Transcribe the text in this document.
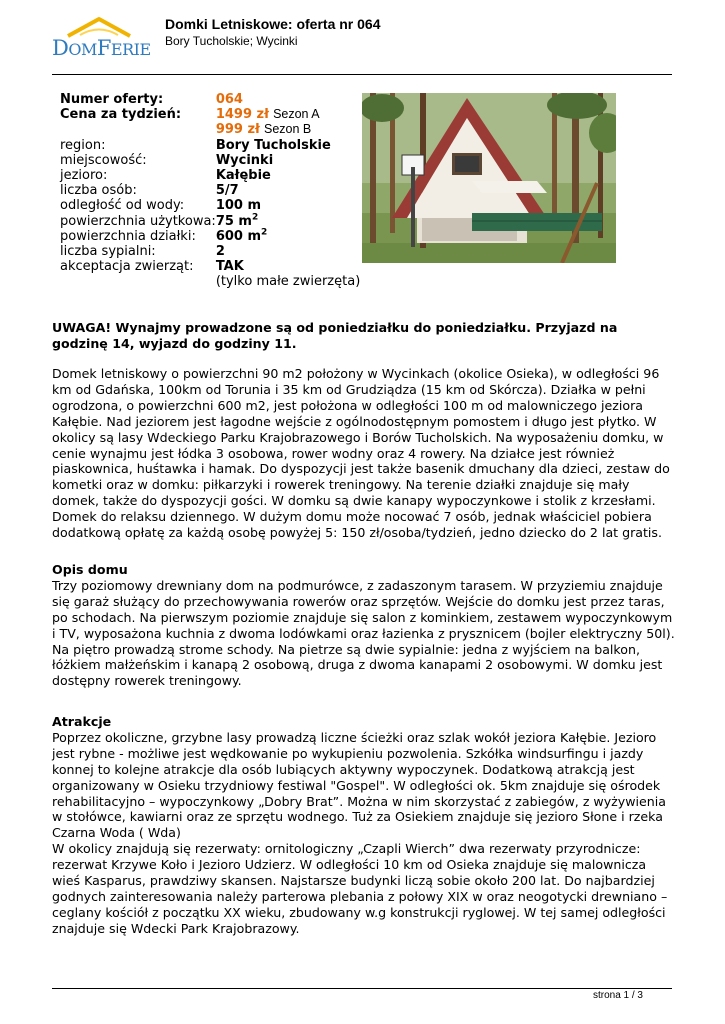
DOMFERIE
Domki Letniskowe: oferta nr 064
Bory Tucholskie; Wycinki
Numer oferty:	064
Cena za tydzień:	1499 zł Sezon A
	999 zł Sezon B
region:	Bory Tucholskie
miejscowość:	Wycinki
jezioro:	Kałębie
liczba osób:	5/7
odległość od wody:	100 m
powierzchnia użytkowa:	75 $m^2$
powierzchnia działki:	600 $m^2$
liczba sypialni:	2
akceptacja zwierząt:	TAK
	(tylko małe zwierzęta)
UWAGA! Wynajmy prowadzone są od poniedziałku do poniedziałku. Przyjazd na godzinę 14, wyjazd do godziny 11.
Domek letniskowy o powierzchni 90 m2 położony w Wycinkach (okolice Osieka), w odległości 96 km od Gdańska, 100km od Torunia i 35 km od Grudziądza (15 km od Skórcza). Działka w pełni ogrodzona, o powierzchni 600 m2, jest położona w odległości 100 m od malowniczego jeziora Kałębie. Nad jeziorem jest łagodne wejście z ogólnodostępnym pomostem i długo jest płytko. W okolicy są lasy Wdeckiego Parku Krajobrazowego i Borów Tucholskich. Na wyposażeniu domku, w cenie wynajmu jest łódka 3 osobowa, rower wodny oraz 4 rowery. Na działce jest również piaskownica, huśtawka i hamak. Do dyspozycji jest także basenik dmuchany dla dzieci, zestaw do kometki oraz w domku: piłkarzyki i rowerek treningowy. Na terenie działki znajduje się mały domek, także do dyspozycji gości. W domku są dwie kanapy wypoczynkowe i stolik z krzesłami. Domek do relaksu dziennego. W dużym domu może nocować 7 osób, jednak właściciel pobiera dodatkową opłatę za każdą osobę powyżej 5: 150 zł/osoba/tydzień, jedno dziecko do 2 lat gratis.

Opis domu

Trzy poziomowy drewniany dom na podmurówce, z zadaszonym tarasem. W przyziemiu znajduje się garaż służący do przechowywania rowerów oraz sprzętów. Wejście do domku jest przez taras, po schodach. Na pierwszym poziomie znajduje się salon z kominkiem, zestawem wypoczynkowym i TV, wyposażona kuchnia z dwoma lodówkami oraz łazienka z prysznicem (bojler elektryczny 50l). Na piętro prowadzą strome schody. Na pietrze są dwie sypialnie: jedna z wyjściem na balkon, łóżkiem małżeńskim i kanapą 2 osobową, druga z dwoma kanapami 2 osobowymi. W domku jest dostępny rowerek treningowy.

Atrakcje

Poprzez okoliczne, grzybne lasy prowadzą liczne ścieżki oraz szlak wokół jeziora Kałębie. Jezioro jest rybne - możliwe jest wędkowanie po wykupieniu pozwolenia. Szkółka windsurfingu i jazdy konnej to kolejne atrakcje dla osób lubiących aktywny wypoczynek. Dodatkową atrakcją jest organizowany w Osieku trzydniowy festiwal "Gospel". W odległości ok. 5km znajduje się ośrodek rehabilitacyjno – wypoczynkowy „Dobry Brat”. Można w nim skorzystać z zabiegów, z wyżywienia w stołówce, kawiarni oraz ze sprzętu wodnego. Tuż za Osiekiem znajduje się jezioro Słone i rzeka Czarna Woda ( Wda)

W okolicy znajdują się rezerwaty: ornitologiczny „Czapli Wierch” dwa rezerwaty przyrodnicze: rezerwat Krzywe Koło i Jezioro Udzierz. W odległości 10 km od Osieka znajduje się malownicza wieś Kasparus, prawdziwy skansen. Najstarsze budynki liczą sobie około 200 lat. Do najbardziej godnych zainteresowania należy parterowa plebania z połowy XIX w oraz neogotycki drewniano – ceglany kościół z początku XX wieku, zbudowany w.g konstrukcji ryglowej. W tej samej odległości znajduje się Wdecki Park Krajobrazowy.

strona 1 / 3
